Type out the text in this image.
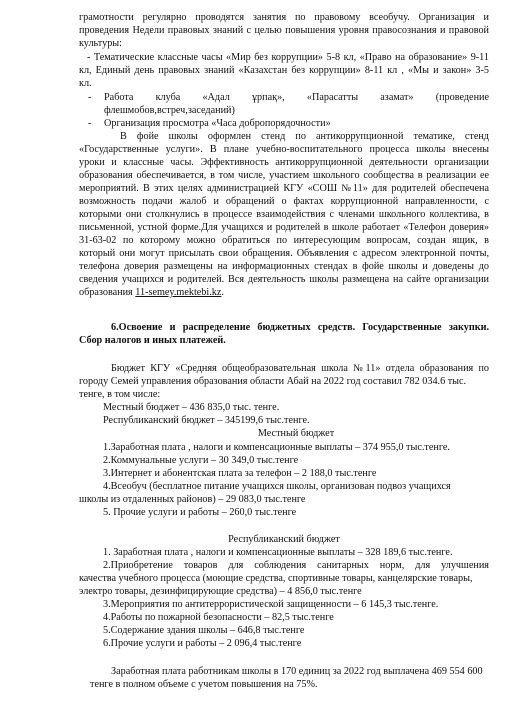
грамотности регулярно проводятся занятия по правовому всеобучу. Организация и

проведения Недели правовых знаний с целью повышения уровня правосознания и правовой

культуры:

- Тематические классные часы «Мир без коррупции» 5-8 кл, «Право на образование» 9-11

кл, Единый день правовых знаний «Казахстан без коррупции» 8-11 кл , «Мы и закон» 3-5

кл.

- Работа клуба «Адал ұрпақ», «Парасатты азамат» (проведение

флешмобов,встреч,заседаний)

- Организация просмотра «Часа добропорядочности»

В фойе школы оформлен стенд по антикоррупционной тематике, стенд

«Государственные услуги». В плане учебно-воспитательного процесса школы внесены

уроки и классные часы. Эффективность антикоррупционной деятельности организации

образования обеспечивается, в том числе, участием школьного сообщества в реализации ее

мероприятий. В этих целях администрацией КГУ «СОШ №11» для родителей обеспечена

возможность подачи жалоб и обращений о фактах коррупционной направленности, с

которыми они столкнулись в процессе взаимодействия с членами школьного коллектива, в

письменной, устной форме.Для учащихся и родителей в школе работает «Телефон доверия»

31-63-02 по которому можно обратиться по интересующим вопросам, создан ящик, в

который они могут присылать свои обращения. Объявления с адресом электронной почты,

телефона доверия размещены на информационных стендах в фойе школы и доведены до

сведения учащихся и родителей. Вся деятельность школы размещена на сайте организации

образования 11-semey.mektebi.kz.

6.Освоение и распределение бюджетных средств. Государственные закупки.

Сбор налогов и иных платежей.

Бюджет КГУ «Средняя общеобразовательная школа №11» отдела образования по

городу Семей управления образования области Абай на 2022 год составил 782 034.6 тыс.

тенге, в том числе:

Местный бюджет – 436 835,0 тыс. тенге.

Республиканский бюджет – 345199,6 тыс.тенге.

Местный бюджет

1.Заработная плата , налоги и компенсационные выплаты – 374 955,0 тыс.тенге.

2.Коммунальные услуги – 30 349,0 тыс.тенге

3.Интернет и абонентская плата за телефон – 2 188,0 тыс.тенге

4.Всеобуч (бесплатное питание учащихся школы, организован подвоз учащихся

школы из отдаленных районов) – 29 083,0 тыс.тенге

5. Прочие услуги и работы – 260,0 тыс.тенге

Республиканский бюджет

1. Заработная плата , налоги и компенсационные выплаты – 328 189,6 тыс.тенге.

2.Приобретение товаров для соблюдения санитарных норм, для улучшения

качества учебного процесса (моющие средства, спортивные товары, канцелярские товары,

электро товары, дезинфицирующие средства) – 4 856,0 тыс.тенге

3.Мероприятия по антитеррористической защищенности – 6 145,3 тыс.тенге.

4.Работы по пожарной безопасности – 82,5 тыс.тенге

5.Содержание здания школы – 646,8 тыс.тенге

6.Прочие услуги и работы – 2 096,4 тыс.тенге

Заработная плата работникам школы в 170 единиц за 2022 год выплачена 469 554 600

тенге в полном объеме с учетом повышения на 75%.
